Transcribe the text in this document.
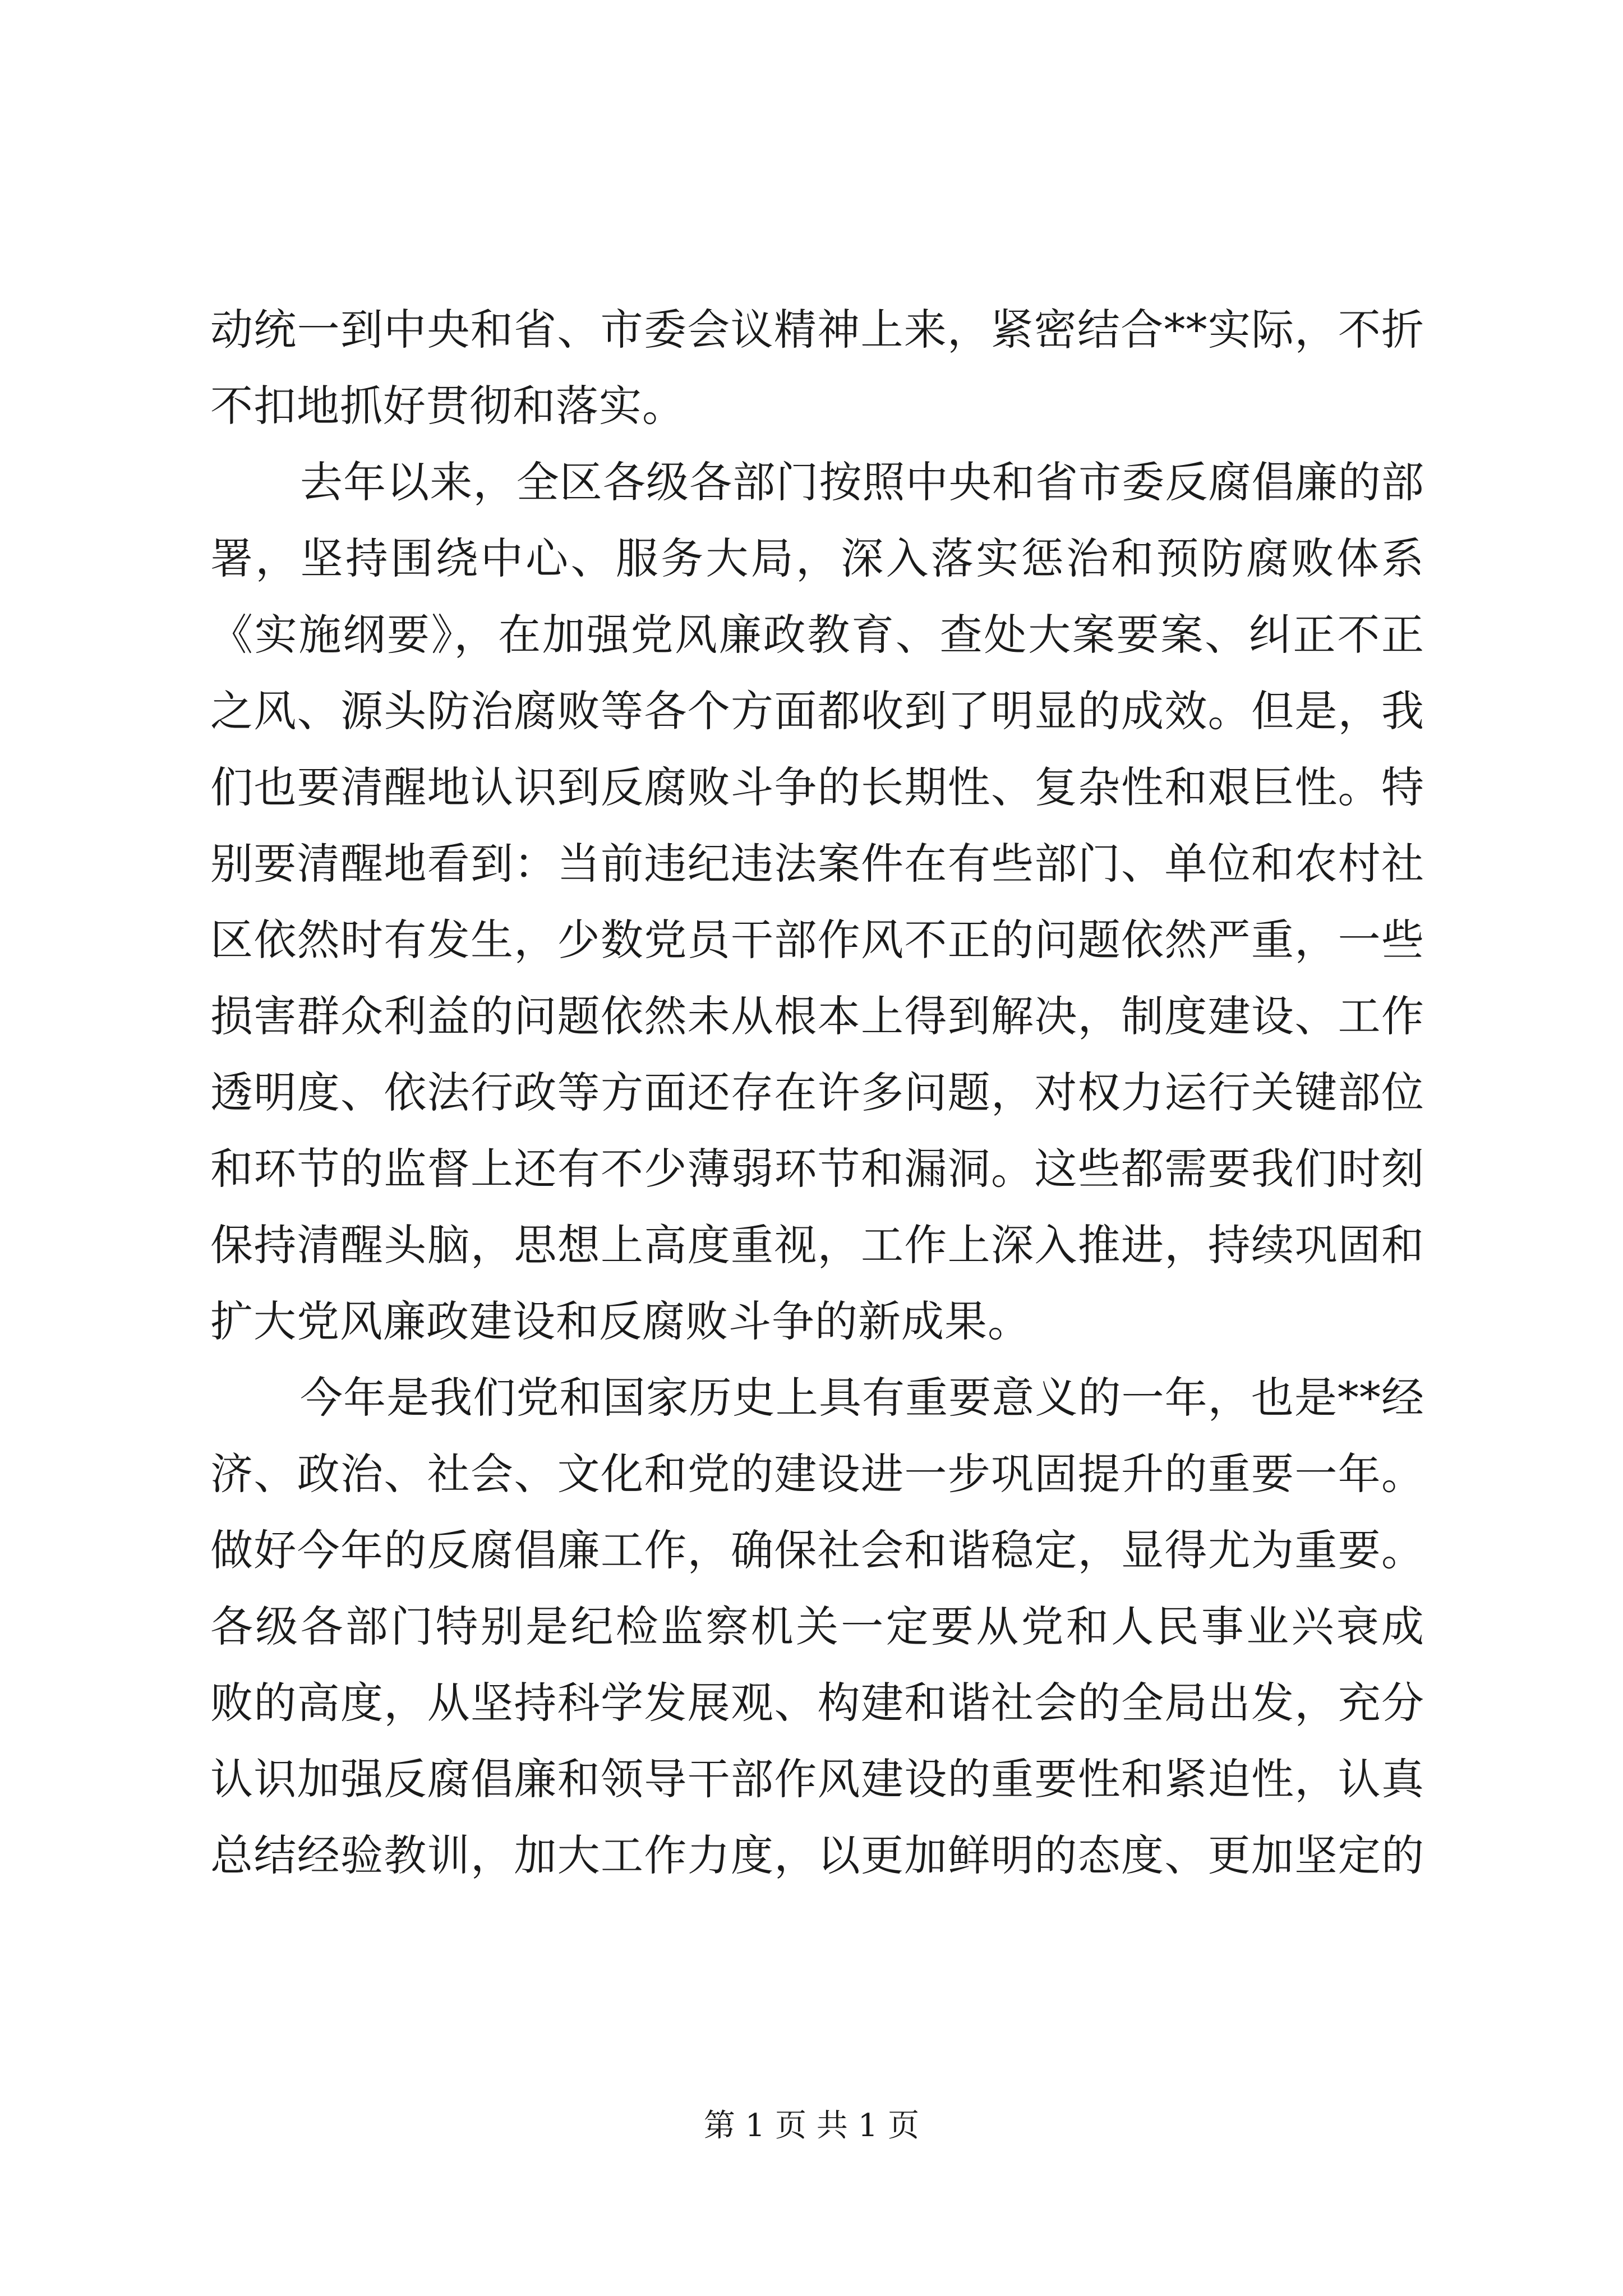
动统一到中央和省、市委会议精神上来，紧密结合**实际，不折
不扣地抓好贯彻和落实。
去年以来，全区各级各部门按照中央和省市委反腐倡廉的部
署，坚持围绕中心、服务大局，深入落实惩治和预防腐败体系
《实施纲要》，在加强党风廉政教育、查处大案要案、纠正不正
之风、源头防治腐败等各个方面都收到了明显的成效。但是，我
们也要清醒地认识到反腐败斗争的长期性、复杂性和艰巨性。特
别要清醒地看到：当前违纪违法案件在有些部门、单位和农村社
区依然时有发生，少数党员干部作风不正的问题依然严重，一些
损害群众利益的问题依然未从根本上得到解决，制度建设、工作
透明度、依法行政等方面还存在许多问题，对权力运行关键部位
和环节的监督上还有不少薄弱环节和漏洞。这些都需要我们时刻
保持清醒头脑，思想上高度重视，工作上深入推进，持续巩固和
扩大党风廉政建设和反腐败斗争的新成果。
今年是我们党和国家历史上具有重要意义的一年，也是**经
济、政治、社会、文化和党的建设进一步巩固提升的重要一年。
做好今年的反腐倡廉工作，确保社会和谐稳定，显得尤为重要。
各级各部门特别是纪检监察机关一定要从党和人民事业兴衰成
败的高度，从坚持科学发展观、构建和谐社会的全局出发，充分
认识加强反腐倡廉和领导干部作风建设的重要性和紧迫性，认真
总结经验教训，加大工作力度，以更加鲜明的态度、更加坚定的
第 1 页 共 1 页
